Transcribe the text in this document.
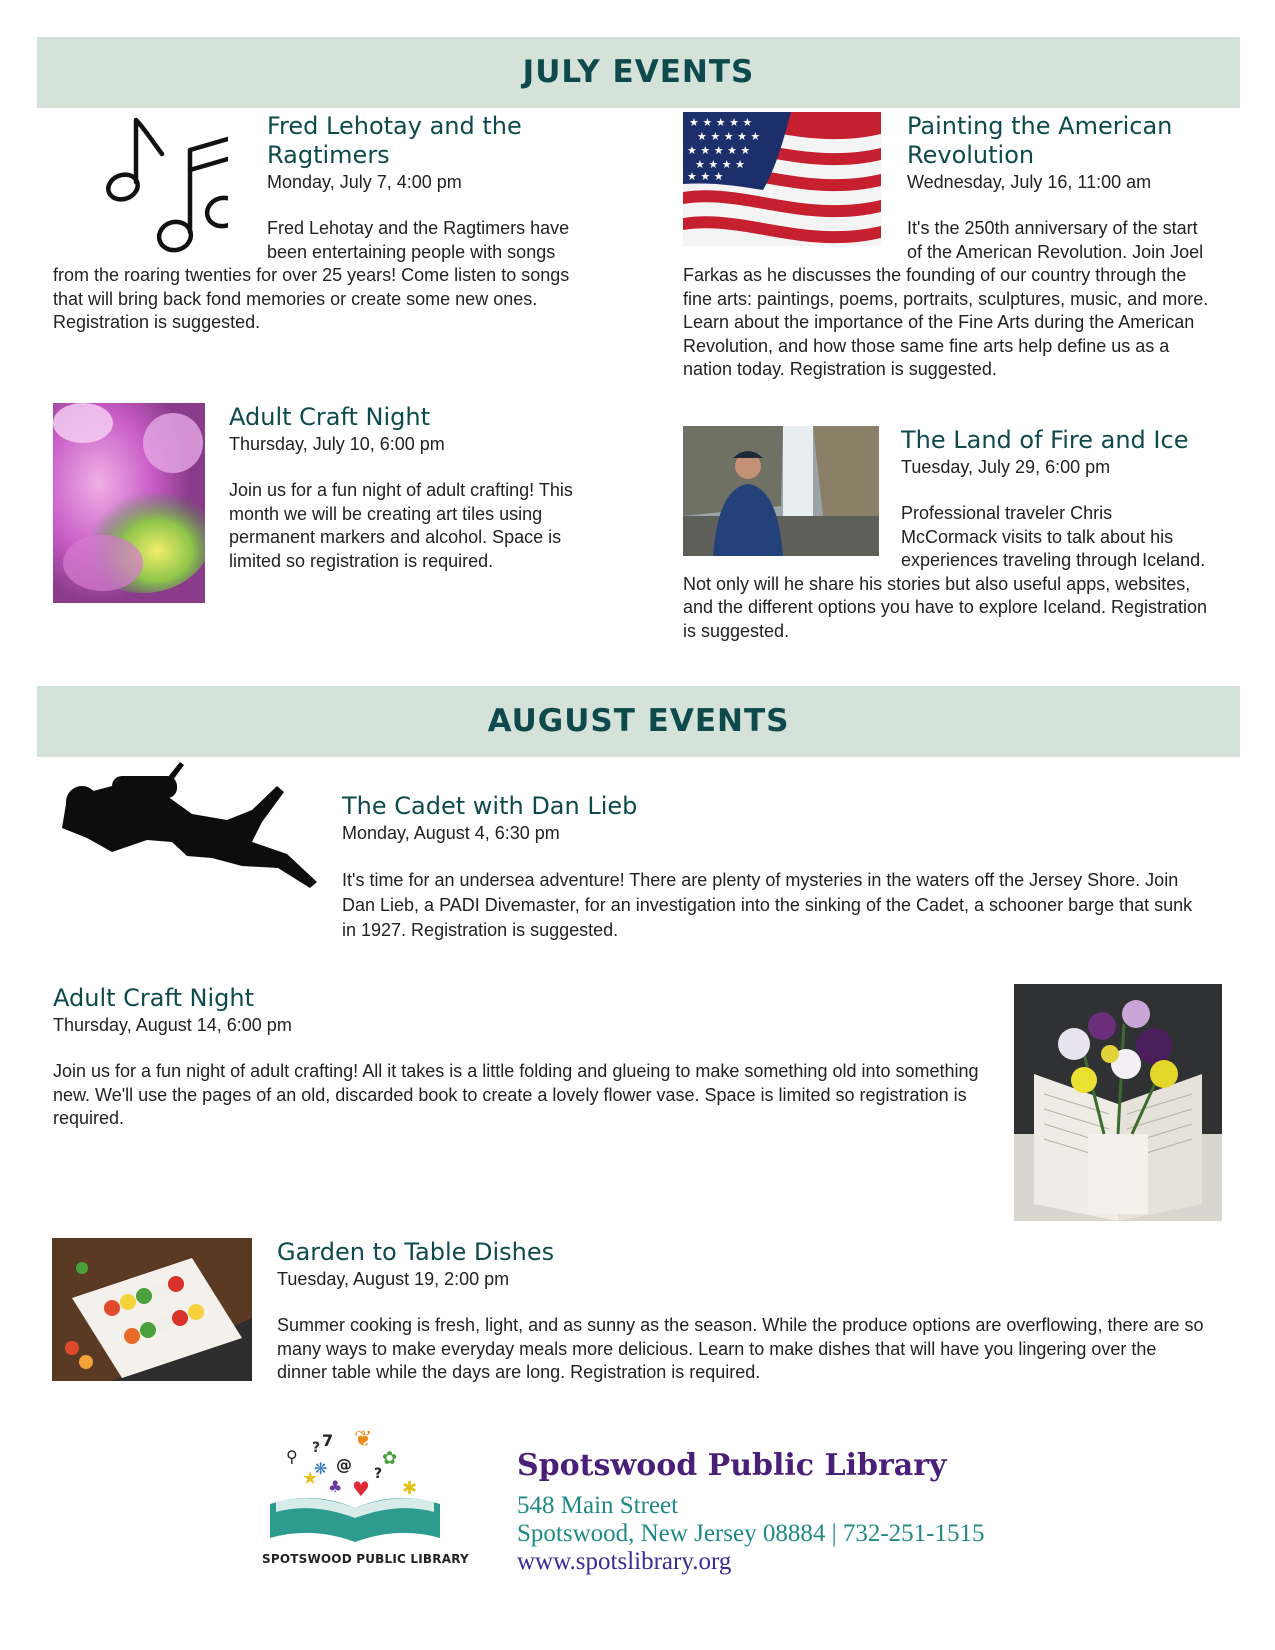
JULY EVENTS
Fred Lehotay and the
Ragtimers
Monday, July 7, 4:00 pm
Fred Lehotay and the Ragtimers have been entertaining people with songs from the roaring twenties for over 25 years! Come listen to songs that will bring back fond memories or create some new ones. Registration is suggested.
★ ★ ★ ★ ★
★ ★ ★ ★ ★
★ ★ ★ ★ ★
★ ★ ★ ★
★ ★ ★
Painting the American
Revolution
Wednesday, July 16, 11:00 am
It's the 250th anniversary of the start of the American Revolution. Join Joel Farkas as he discusses the founding of our country through the fine arts: paintings, poems, portraits, sculptures, music, and more. Learn about the importance of the Fine Arts during the American Revolution, and how those same fine arts help define us as a nation today. Registration is suggested.
Adult Craft Night
Thursday, July 10, 6:00 pm
Join us for a fun night of adult crafting! This month we will be creating art tiles using permanent markers and alcohol. Space is limited so registration is required.
The Land of Fire and Ice
Tuesday, July 29, 6:00 pm
Professional traveler Chris McCormack visits to talk about his experiences traveling through Iceland. Not only will he share his stories but also useful apps, websites, and the different options you have to explore Iceland. Registration is suggested.
AUGUST EVENTS
The Cadet with Dan Lieb
Monday, August 4, 6:30 pm
It's time for an undersea adventure! There are plenty of mysteries in the waters off the Jersey Shore. Join Dan Lieb, a PADI Divemaster, for an investigation into the sinking of the Cadet, a schooner barge that sunk in 1927. Registration is suggested.
Adult Craft Night
Thursday, August 14, 6:00 pm
Join us for a fun night of adult crafting! All it takes is a little folding and glueing to make something old into something new. We'll use the pages of an old, discarded book to create a lovely flower vase. Space is limited so registration is required.
Garden to Table Dishes
Tuesday, August 19, 2:00 pm
Summer cooking is fresh, light, and as sunny as the season. While the produce options are overflowing, there are so many ways to make everyday meals more delicious. Learn to make dishes that will have you lingering over the dinner table while the days are long. Registration is required.
⚲
★
? 7
❋ @
❦
♣ ♥
?
✿
✱
SPOTSWOOD PUBLIC LIBRARY
Spotswood Public Library
548 Main Street
Spotswood, New Jersey 08884 | 732-251-1515
www.spotslibrary.org
